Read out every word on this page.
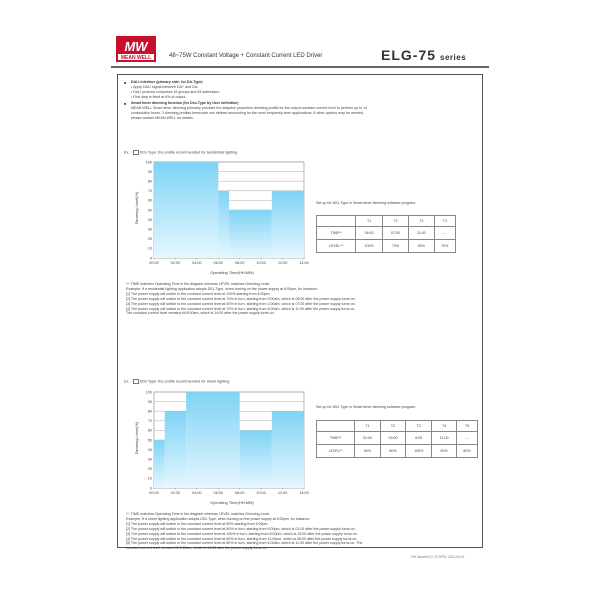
MW
MEAN WELL	48~75W Constant Voltage + Constant Current LED Driver	ELG-75 series
■ DALI interface (primary side; for DA-Type)
• Apply DALI signal between DA+ and DA-.
• DALI protocol comprises 16 groups and 64 addresses.
• First step is fixed at 6% of output.
■ Smart timer dimming function (for Dxx-Type by User definition)
MEAN WELL Smart timer dimming primarily provides the adaptive proportion dimming profile for the output constant current level to perform up to 14
consecutive hours. 3 dimming profiles hereunder are defined accounting for the most frequently seen applications. If other options may be needed,
please contact MEAN WELL for details.
Ex. : D01-Type: the profile recommended for residential lighting
0
10
20
30
40
50
60
70
80
90
100
00:00	02:00	04:00	06:00	08:00	10:00	12:00	14:00
Dimming Level(%)
Operating Time(HH:MM)
Set up for D01-Type in Smart timer dimming software program.
	T1	T2	T3	T4
TIME**	06:00	07:00	11:00	---
LEVEL**	100%	70%	50%	70%
**: TIME matches Operating Time in the diagram whereas LEVEL matches Dimming Level.
Example: If a residential lighting application adopts D01-Type, when turning on the power supply at 6:00pm, for instance:
[1] The power supply will switch to the constant current level at 100% starting from 6:00pm.
[2] The power supply will switch to the constant current level at 70% in turn, starting from 0:00am, which is 06:00 after the power supply turns on.
[3] The power supply will switch to the constant current level at 50% in turn, starting from 1:00am, which is 07:00 after the power supply turns on.
[4] The power supply will switch to the constant current level at 70% in turn, starting from 5:00am, which is 11:00 after the power supply turns on.
The constant current level remains till 8:00am, which is 14:00 after the power supply turns on.
Ex. : D02-Type: the profile recommended for street lighting
0
10
20
30
40
50
60
70
80
90
100
00:00	02:30	04:00	06:00	08:00	10:00	12:00	14:00
Dimming Level(%)
Operating Time(HH:MM)
Set up for D02-Type in Smart timer dimming software program.
	T1	T2	T3	T4	T5
TIME**	01:00	03:00	6:00	11:00	---
LEVEL**	50%	80%	100%	60%	80%
**: TIME matches Operating Time in the diagram whereas LEVEL matches Dimming Level.
Example: If a street lighting application adopts D02-Type, when turning on the power supply at 5:00pm, for instance:
[1] The power supply will switch to the constant current level at 50% starting from 5:00pm.
[2] The power supply will switch to the constant current level at 80% in turn, starting from 6:00pm, which is 01:00 after the power supply turns on.
[3] The power supply will switch to the constant current level at 100% in turn, starting from 8:00pm, which is 03:00 after the power supply turns on.
[4] The power supply will switch to the constant current level at 60% in turn, starting from 11:00pm, which is 06:00 after the power supply turns on.
[5] The power supply will switch to the constant current level at 80% in turn, starting from 4:00am, which is 11:00 after the power supply turns on. The
constant current level remains till 6:30am, which is 14:30 after the power supply turns on.
File Name:ELG-75-SPEC 2013-09-16
